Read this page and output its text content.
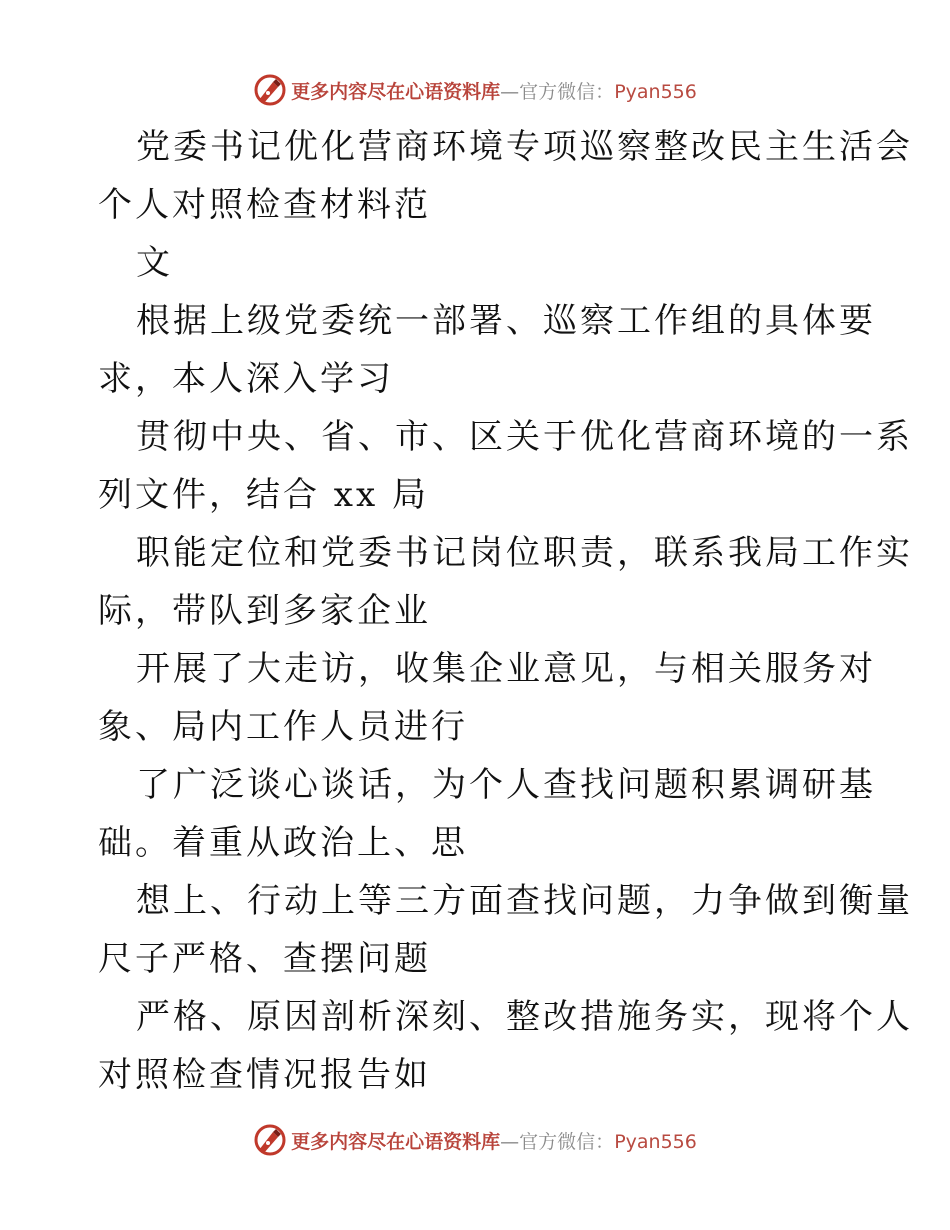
更多内容尽在心语资料库—官方微信：Pyan556
党委书记优化营商环境专项巡察整改民主生活会
个人对照检查材料范
文
根据上级党委统一部署、巡察工作组的具体要
求，本人深入学习
贯彻中央、省、市、区关于优化营商环境的一系
列文件，结合 xx 局
职能定位和党委书记岗位职责，联系我局工作实
际，带队到多家企业
开展了大走访，收集企业意见，与相关服务对
象、局内工作人员进行
了广泛谈心谈话，为个人查找问题积累调研基
础。着重从政治上、思
想上、行动上等三方面查找问题，力争做到衡量
尺子严格、查摆问题
严格、原因剖析深刻、整改措施务实，现将个人
对照检查情况报告如
更多内容尽在心语资料库—官方微信：Pyan556
